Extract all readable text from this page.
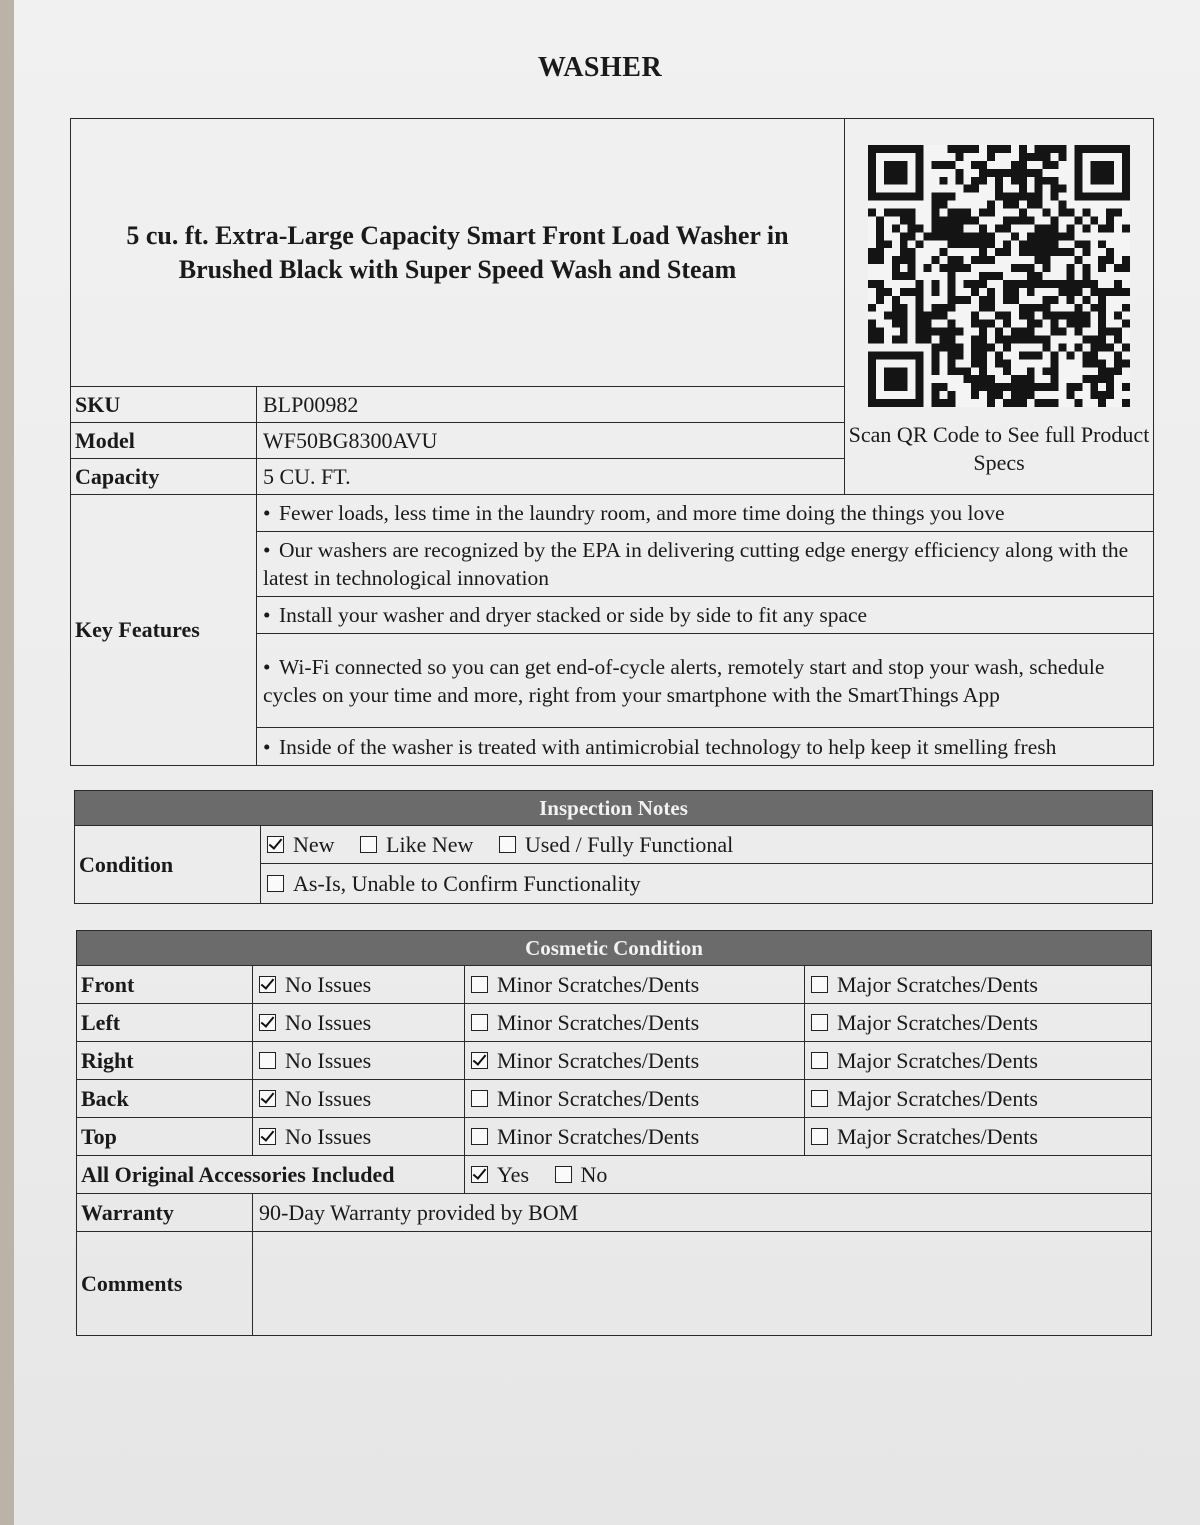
WASHER
5 cu. ft. Extra-Large Capacity Smart Front Load Washer in Brushed Black with Super Speed Wash and Steam		Scan QR Code to See full Product Specs

SKU	BLP00982	
Model	WF50BG8300AVU	
Capacity	5 CU. FT.	
Key Features	• Fewer loads, less time in the laundry room, and more time doing the things you love
• Our washers are recognized by the EPA in delivering cutting edge energy efficiency along with the latest in technological innovation
• Install your washer and dryer stacked or side by side to fit any space
• Wi-Fi connected so you can get end-of-cycle alerts, remotely start and stop your wash, schedule cycles on your time and more, right from your smartphone with the SmartThings App
• Inside of the washer is treated with antimicrobial technology to help keep it smelling fresh
Inspection Notes
Condition	New Like New Used / Fully Functional
As-Is, Unable to Confirm Functionality
Cosmetic Condition			
Front	No Issues	Minor Scratches/Dents	Major Scratches/Dents
Left	No Issues	Minor Scratches/Dents	Major Scratches/Dents
Right	No Issues	Minor Scratches/Dents	Major Scratches/Dents
Back	No Issues	Minor Scratches/Dents	Major Scratches/Dents
Top	No Issues	Minor Scratches/Dents	Major Scratches/Dents
All Original Accessories Included		Yes No	
Warranty	90-Day Warranty provided by BOM		
Comments			
